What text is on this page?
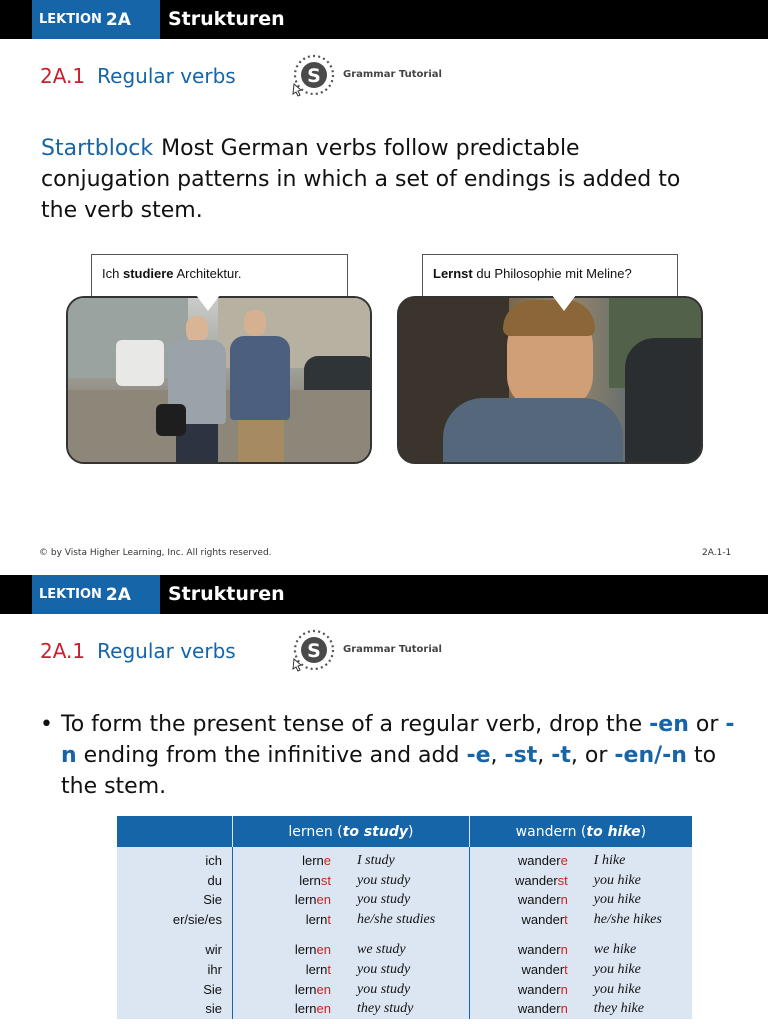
LEKTION 2A Strukturen
2A.1 Regular verbs	S Grammar Tutorial
Startblock Most German verbs follow predictable conjugation patterns in which a set of endings is added to the verb stem.
Ich studiere Architektur.	Lernst du Philosophie mit Meline?
© by Vista Higher Learning, Inc. All rights reserved.	2A.1-1
LEKTION 2A Strukturen
2A.1 Regular verbs	S Grammar Tutorial
• To form the present tense of a regular verb, drop the -en or -n ending from the infinitive and add -e, -st, -t, or -en/-n to the stem.
	lernen (to study)		wandern (to hike)	
ich	lerne	I study	wandere	I hike
du	lernst	you study	wanderst	you hike
Sie	lernen	you study	wandern	you hike
er/sie/es	lernt	he/she studies	wandert	he/she hikes

wir	lernen	we study	wandern	we hike
ihr	lernt	you study	wandert	you hike
Sie	lernen	you study	wandern	you hike
sie	lernen	they study	wandern	they hike
